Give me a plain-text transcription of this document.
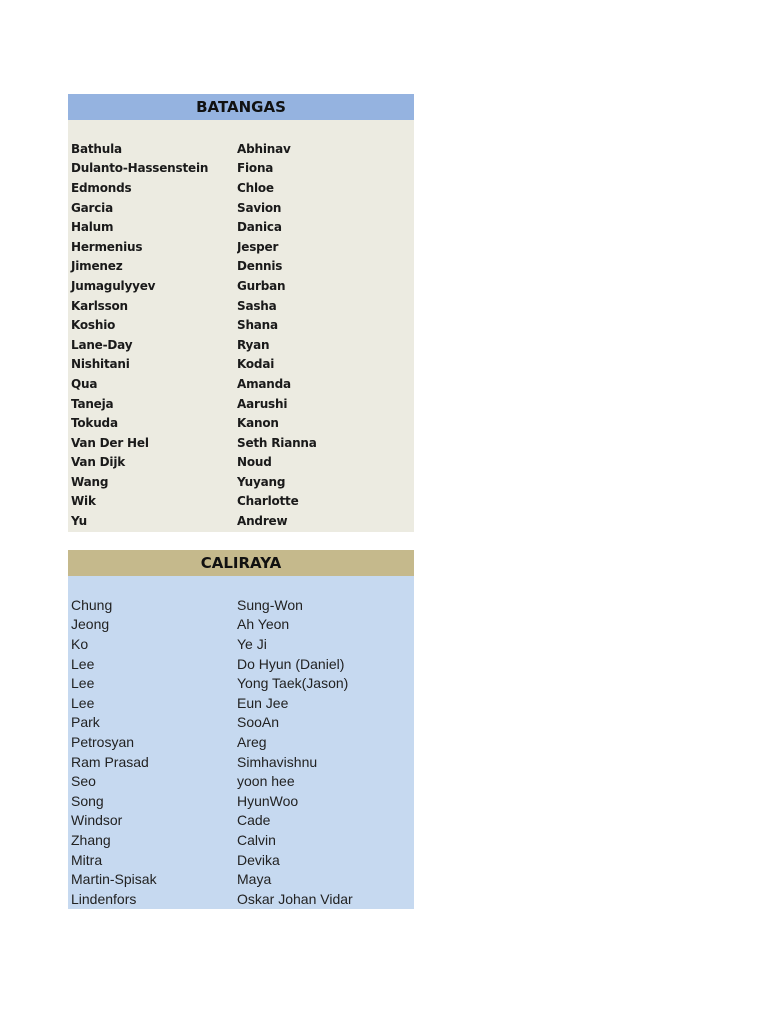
BATANGAS
Bathula	Abhinav
Dulanto-Hassenstein	Fiona
Edmonds	Chloe
Garcia	Savion
Halum	Danica
Hermenius	Jesper
Jimenez	Dennis
Jumagulyyev	Gurban
Karlsson	Sasha
Koshio	Shana
Lane-Day	Ryan
Nishitani	Kodai
Qua	Amanda
Taneja	Aarushi
Tokuda	Kanon
Van Der Hel	Seth Rianna
Van Dijk	Noud
Wang	Yuyang
Wik	Charlotte
Yu	Andrew
CALIRAYA
Chung	Sung-Won
Jeong	Ah Yeon
Ko	Ye Ji
Lee	Do Hyun (Daniel)
Lee	Yong Taek(Jason)
Lee	Eun Jee
Park	SooAn
Petrosyan	Areg
Ram Prasad	Simhavishnu
Seo	yoon hee
Song	HyunWoo
Windsor	Cade
Zhang	Calvin
Mitra	Devika
Martin-Spisak	Maya
Lindenfors	Oskar Johan Vidar
